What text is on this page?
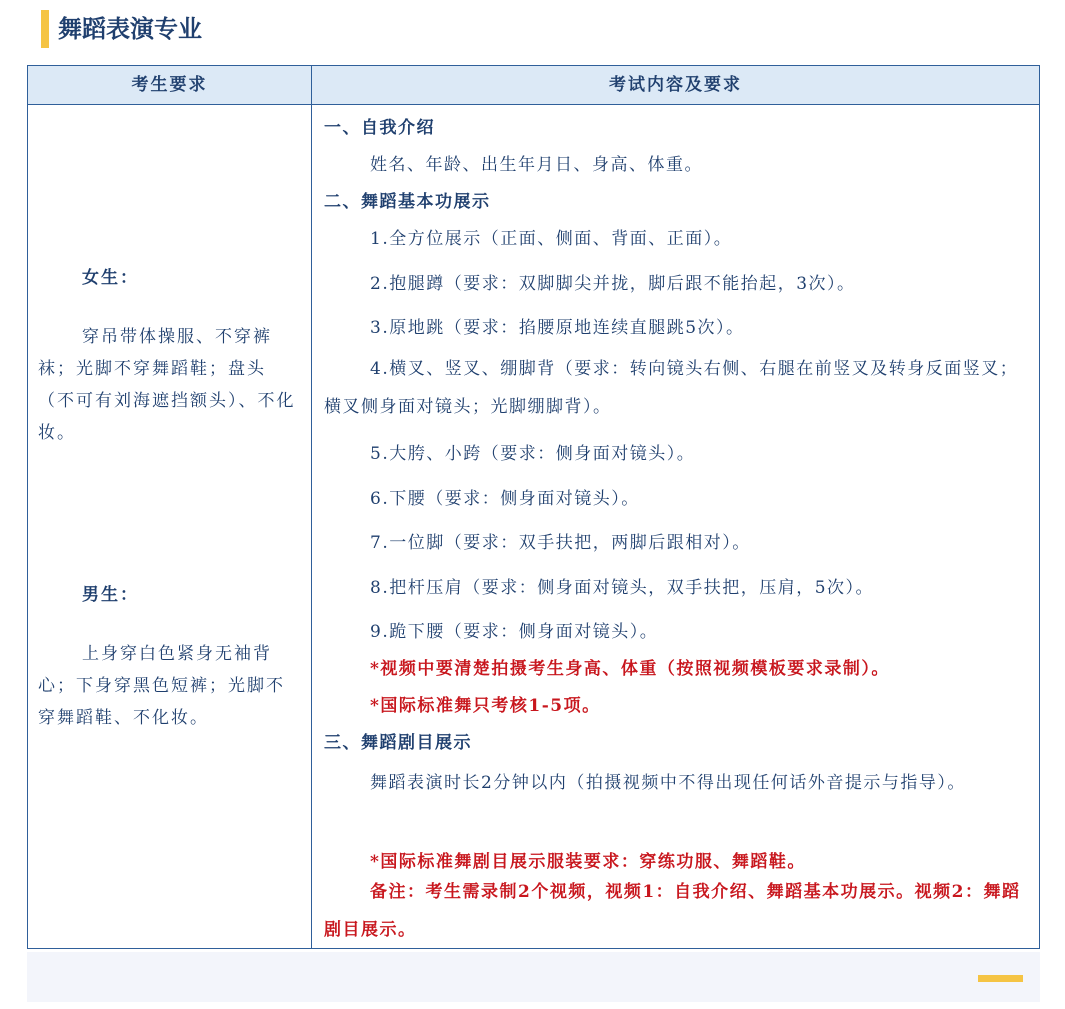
舞蹈表演专业
考生要求	考试内容及要求
女生：
穿吊带体操服、不穿裤袜；光脚不穿舞蹈鞋；盘头（不可有刘海遮挡额头）、不化妆。
男生：
上身穿白色紧身无袖背心；下身穿黑色短裤；光脚不穿舞蹈鞋、不化妆。
一、自我介绍
姓名、年龄、出生年月日、身高、体重。
二、舞蹈基本功展示
1.全方位展示（正面、侧面、背面、正面）。
2.抱腿蹲（要求：双脚脚尖并拢，脚后跟不能抬起，3次）。
3.原地跳（要求：掐腰原地连续直腿跳5次）。
4.横叉、竖叉、绷脚背（要求：转向镜头右侧、右腿在前竖叉及转身反面竖叉；横叉侧身面对镜头；光脚绷脚背）。
5.大胯、小跨（要求：侧身面对镜头）。
6.下腰（要求：侧身面对镜头）。
7.一位脚（要求：双手扶把，两脚后跟相对）。
8.把杆压肩（要求：侧身面对镜头，双手扶把，压肩，5次）。
9.跪下腰（要求：侧身面对镜头）。
*视频中要清楚拍摄考生身高、体重（按照视频模板要求录制）。
*国际标准舞只考核1-5项。
三、舞蹈剧目展示
舞蹈表演时长2分钟以内（拍摄视频中不得出现任何话外音提示与指导）。
*国际标准舞剧目展示服装要求：穿练功服、舞蹈鞋。
备注：考生需录制2个视频，视频1：自我介绍、舞蹈基本功展示。视频2：舞蹈剧目展示。
